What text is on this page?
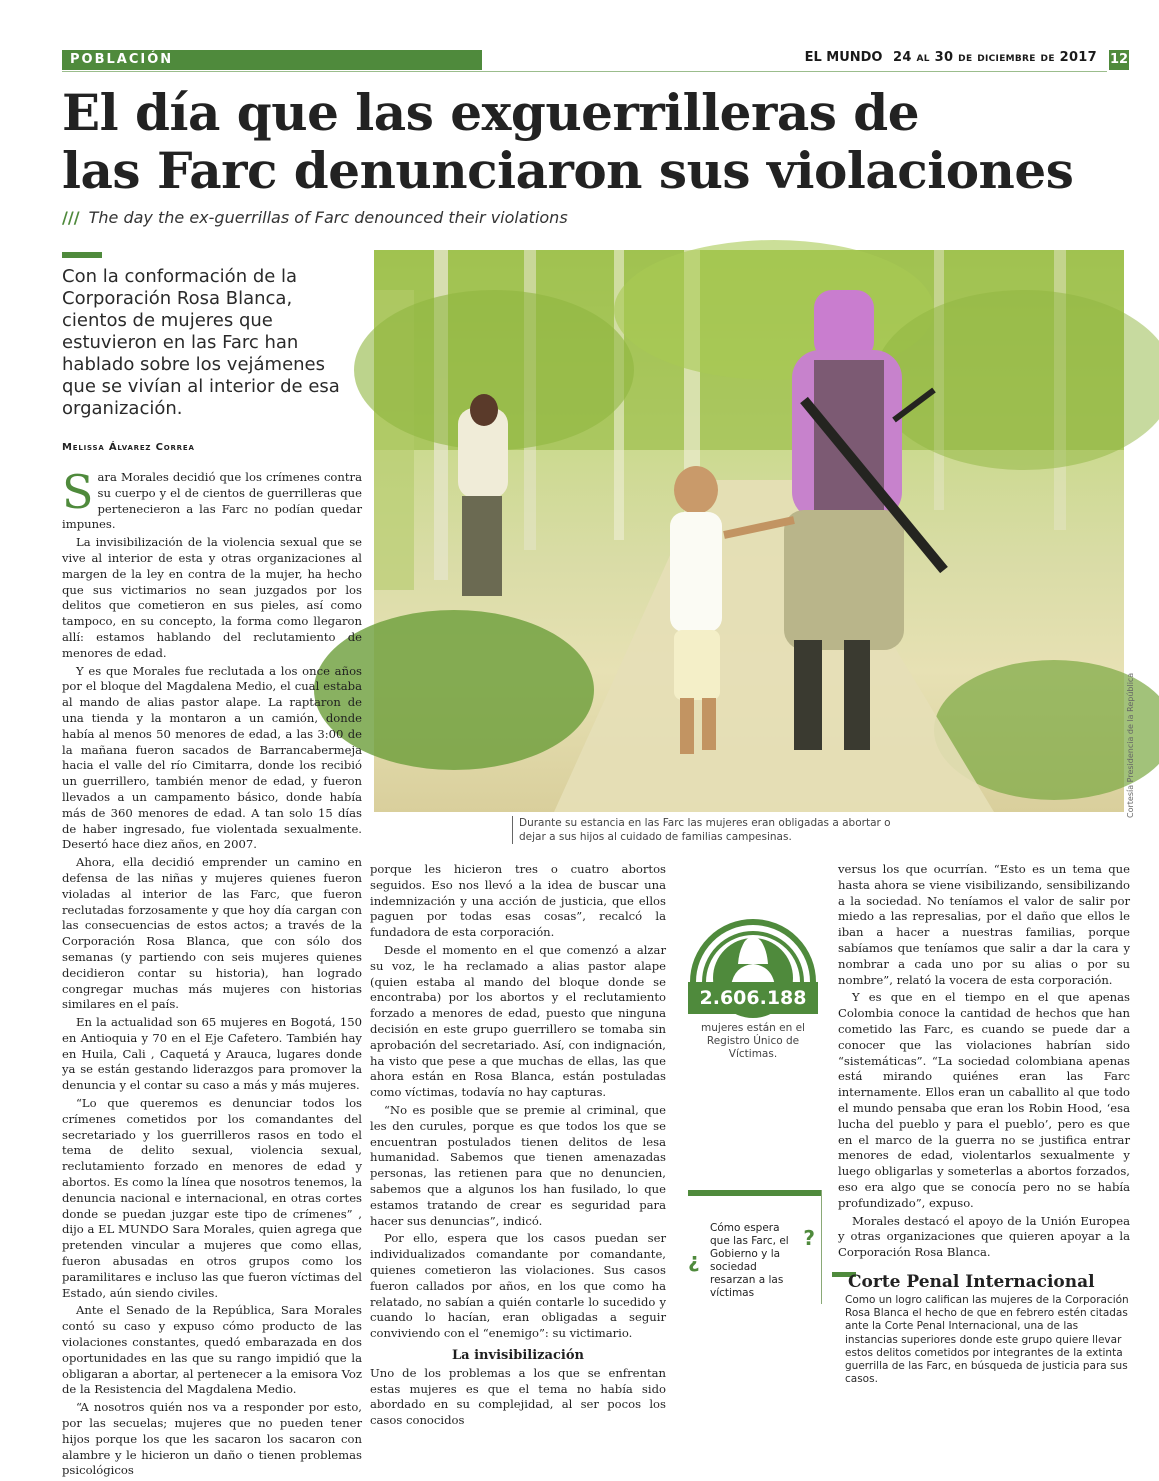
POBLACIÓN	EL MUNDO 24 al 30 de diciembre de 2017 12
El día que las exguerrilleras de
las Farc denunciaron sus violaciones
/// The day the ex-guerrillas of Farc denounced their violations
Con la conformación de la Corporación Rosa Blanca, cientos de mujeres que estuvieron en las Farc han hablado sobre los vejámenes que se vivían al interior de esa organización.
Melissa Álvarez Correa
Cortesía Presidencia de la República
Durante su estancia en las Farc las mujeres eran obligadas a abortar o dejar a sus hijos al cuidado de familias campesinas.

Sara Morales decidió que los crímenes contra su cuerpo y el de cientos de guerrilleras que pertenecieron a las Farc no podían quedar impunes.

La invisibilización de la violencia sexual que se vive al interior de esta y otras organizaciones al margen de la ley en contra de la mujer, ha hecho que sus victimarios no sean juzgados por los delitos que cometieron en sus pieles, así como tampoco, en su concepto, la forma como llegaron allí: estamos hablando del reclutamiento de menores de edad.

Y es que Morales fue reclutada a los once años por el bloque del Magdalena Medio, el cual estaba al mando de alias pastor alape. La raptaron de una tienda y la montaron a un camión, donde había al menos 50 menores de edad, a las 3:00 de la mañana fueron sacados de Barrancabermeja hacia el valle del río Cimitarra, donde los recibió un guerrillero, también menor de edad, y fueron llevados a un campamento básico, donde había más de 360 menores de edad. A tan solo 15 días de haber ingresado, fue violentada sexualmente. Desertó hace diez años, en 2007.

Ahora, ella decidió emprender un camino en defensa de las niñas y mujeres quienes fueron violadas al interior de las Farc, que fueron reclutadas forzosamente y que hoy día cargan con las consecuencias de estos actos; a través de la Corporación Rosa Blanca, que con sólo dos semanas (y partiendo con seis mujeres quienes decidieron contar su historia), han logrado congregar muchas más mujeres con historias similares en el país.

En la actualidad son 65 mujeres en Bogotá, 150 en Antioquia y 70 en el Eje Cafetero. También hay en Huila, Cali , Caquetá y Arauca, lugares donde ya se están gestando liderazgos para promover la denuncia y el contar su caso a más y más mujeres.

“Lo que queremos es denunciar todos los crímenes cometidos por los comandantes del secretariado y los guerrilleros rasos en todo el tema de delito sexual, violencia sexual, reclutamiento forzado en menores de edad y abortos. Es como la línea que nosotros tenemos, la denuncia nacional e internacional, en otras cortes donde se puedan juzgar este tipo de crímenes” , dijo a EL MUNDO Sara Morales, quien agrega que pretenden vincular a mujeres que como ellas, fueron abusadas en otros grupos como los paramilitares e incluso las que fueron víctimas del Estado, aún siendo civiles.

Ante el Senado de la República, Sara Morales contó su caso y expuso cómo producto de las violaciones constantes, quedó embarazada en dos oportunidades en las que su rango impidió que la obligaran a abortar, al pertenecer a la emisora Voz de la Resistencia del Magdalena Medio.

“A nosotros quién nos va a responder por esto, por las secuelas; mujeres que no pueden tener hijos porque los que les sacaron los sacaron con alambre y le hicieron un daño o tienen problemas psicológicos

porque les hicieron tres o cuatro abortos seguidos. Eso nos llevó a la idea de buscar una indemnización y una acción de justicia, que ellos paguen por todas esas cosas”, recalcó la fundadora de esta corporación.

Desde el momento en el que comenzó a alzar su voz, le ha reclamado a alias pastor alape (quien estaba al mando del bloque donde se encontraba) por los abortos y el reclutamiento forzado a menores de edad, puesto que ninguna decisión en este grupo guerrillero se tomaba sin aprobación del secretariado. Así, con indignación, ha visto que pese a que muchas de ellas, las que ahora están en Rosa Blanca, están postuladas como víctimas, todavía no hay capturas.

“No es posible que se premie al criminal, que les den curules, porque es que todos los que se encuentran postulados tienen delitos de lesa humanidad. Sabemos que tienen amenazadas personas, las retienen para que no denuncien, sabemos que a algunos los han fusilado, lo que estamos tratando de crear es seguridad para hacer sus denuncias”, indicó.

Por ello, espera que los casos puedan ser individualizados comandante por comandante, quienes cometieron las violaciones. Sus casos fueron callados por años, en los que como ha relatado, no sabían a quién contarle lo sucedido y cuando lo hacían, eran obligadas a seguir conviviendo con el “enemigo”: su victimario.

La invisibilización

Uno de los problemas a los que se enfrentan estas mujeres es que el tema no había sido abordado en su complejidad, al ser pocos los casos conocidos

versus los que ocurrían. “Esto es un tema que hasta ahora se viene visibilizando, sensibilizando a la sociedad. No teníamos el valor de salir por miedo a las represalias, por el daño que ellos le iban a hacer a nuestras familias, porque sabíamos que teníamos que salir a dar la cara y nombrar a cada uno por su alias o por su nombre”, relató la vocera de esta corporación.

Y es que en el tiempo en el que apenas Colombia conoce la cantidad de hechos que han cometido las Farc, es cuando se puede dar a conocer que las violaciones habrían sido “sistemáticas”. “La sociedad colombiana apenas está mirando quiénes eran las Farc internamente. Ellos eran un caballito al que todo el mundo pensaba que eran los Robin Hood, ‘esa lucha del pueblo y para el pueblo’, pero es que en el marco de la guerra no se justifica entrar menores de edad, violentarlos sexualmente y luego obligarlas y someterlas a abortos forzados, eso era algo que se conocía pero no se había profundizado”, expuso.

Morales destacó el apoyo de la Unión Europea y otras organizaciones que quieren apoyar a la Corporación Rosa Blanca.

2.606.188
mujeres están en el Registro Único de Víctimas.
¿
?
Cómo espera que las Farc, el Gobierno y la sociedad resarzan a las víctimas
Corte Penal Internacional
Como un logro califican las mujeres de la Corporación Rosa Blanca el hecho de que en febrero estén citadas ante la Corte Penal Internacional, una de las instancias superiores donde este grupo quiere llevar estos delitos cometidos por integrantes de la extinta guerrilla de las Farc, en búsqueda de justicia para sus casos.
